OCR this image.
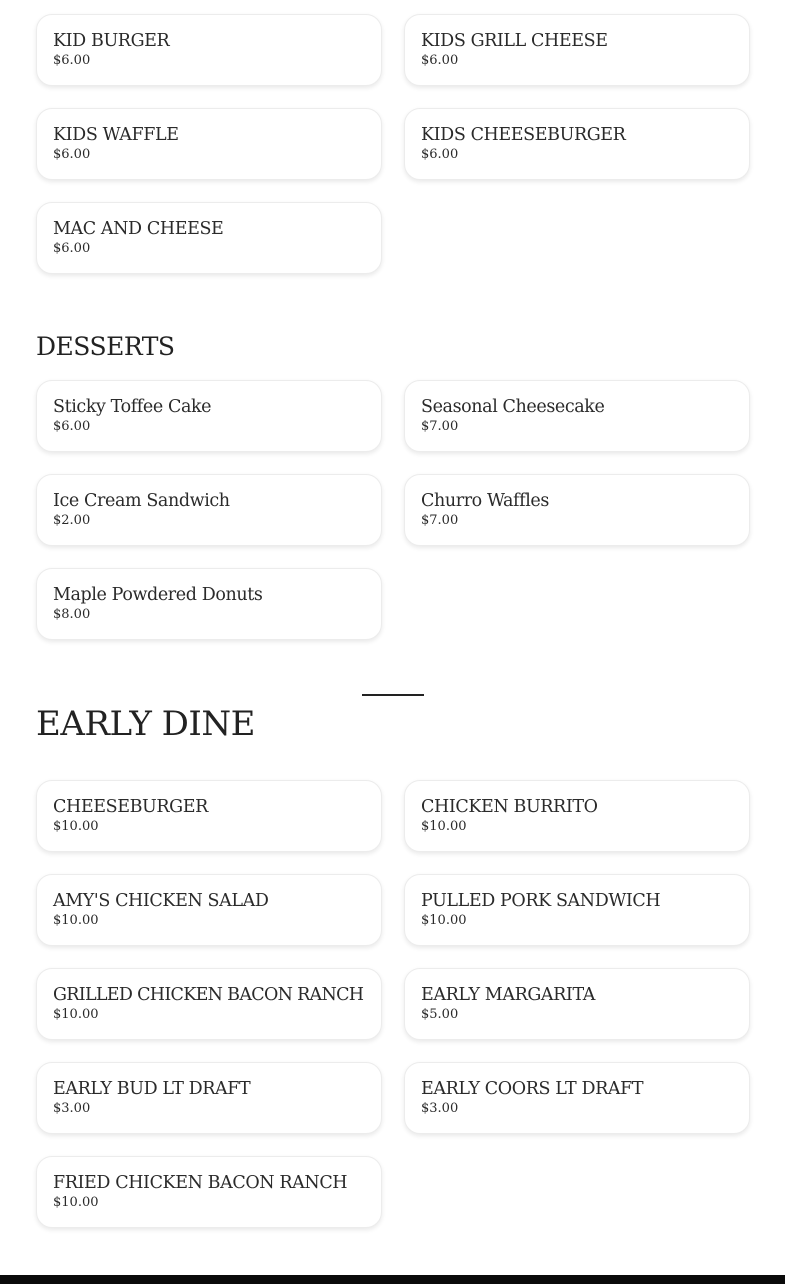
KID BURGER
$6.00
KIDS GRILL CHEESE
$6.00
KIDS WAFFLE
$6.00
KIDS CHEESEBURGER
$6.00
MAC AND CHEESE
$6.00
DESSERTS
Sticky Toffee Cake
$6.00
Seasonal Cheesecake
$7.00
Ice Cream Sandwich
$2.00
Churro Waffles
$7.00
Maple Powdered Donuts
$8.00
EARLY DINE
CHEESEBURGER
$10.00
CHICKEN BURRITO
$10.00
AMY'S CHICKEN SALAD
$10.00
PULLED PORK SANDWICH
$10.00
GRILLED CHICKEN BACON RANCH
$10.00
EARLY MARGARITA
$5.00
EARLY BUD LT DRAFT
$3.00
EARLY COORS LT DRAFT
$3.00
FRIED CHICKEN BACON RANCH
$10.00
